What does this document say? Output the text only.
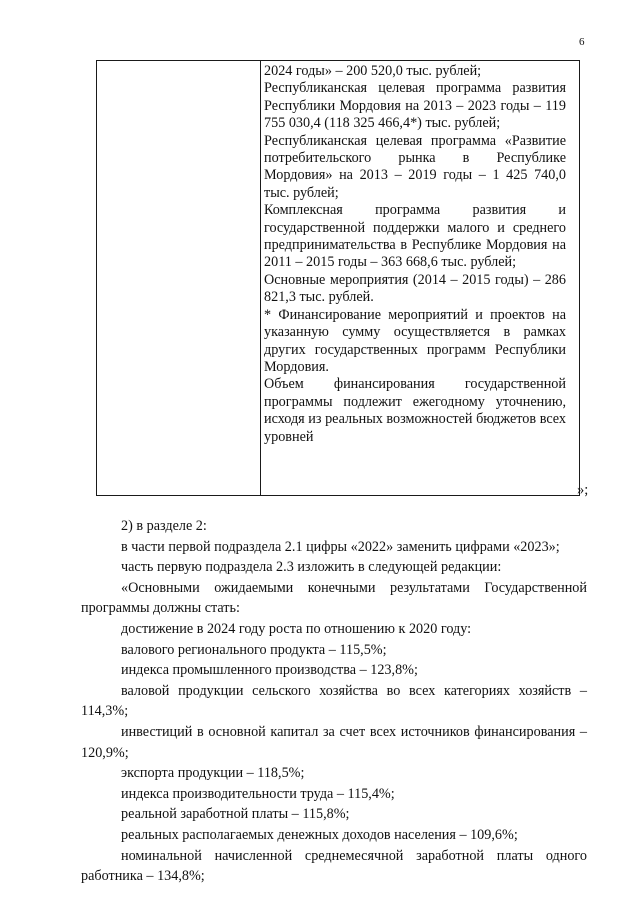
6

2024 годы» – 200 520,0 тыс. рублей;

Республиканская целевая программа развития Республики Мордовия на 2013 – 2023 годы – 119 755 030,4 (118 325 466,4*) тыс. рублей;

Республиканская целевая программа «Развитие потребительского рынка в Республике Мордовия» на 2013 – 2019 годы – 1 425 740,0 тыс. рублей;

Комплексная программа развития и государственной поддержки малого и среднего предпринимательства в Республике Мордовия на 2011 – 2015 годы – 363 668,6 тыс. рублей;

Основные мероприятия (2014 – 2015 годы) – 286 821,3 тыс. рублей.

* Финансирование мероприятий и проектов на указанную сумму осуществляется в рамках других государственных программ Республики Мордовия.

Объем финансирования государственной программы подлежит ежегодному уточнению, исходя из реальных возможностей бюджетов всех уровней

»;

2) в разделе 2:

в части первой подраздела 2.1 цифры «2022» заменить цифрами «2023»;

часть первую подраздела 2.3 изложить в следующей редакции:

«Основными ожидаемыми конечными результатами Государственной программы должны стать:

достижение в 2024 году роста по отношению к 2020 году:

валового регионального продукта – 115,5%;

индекса промышленного производства – 123,8%;

валовой продукции сельского хозяйства во всех категориях хозяйств – 114,3%;

инвестиций в основной капитал за счет всех источников финансирования – 120,9%;

экспорта продукции – 118,5%;

индекса производительности труда – 115,4%;

реальной заработной платы – 115,8%;

реальных располагаемых денежных доходов населения – 109,6%;

номинальной начисленной среднемесячной заработной платы одного работника – 134,8%;
